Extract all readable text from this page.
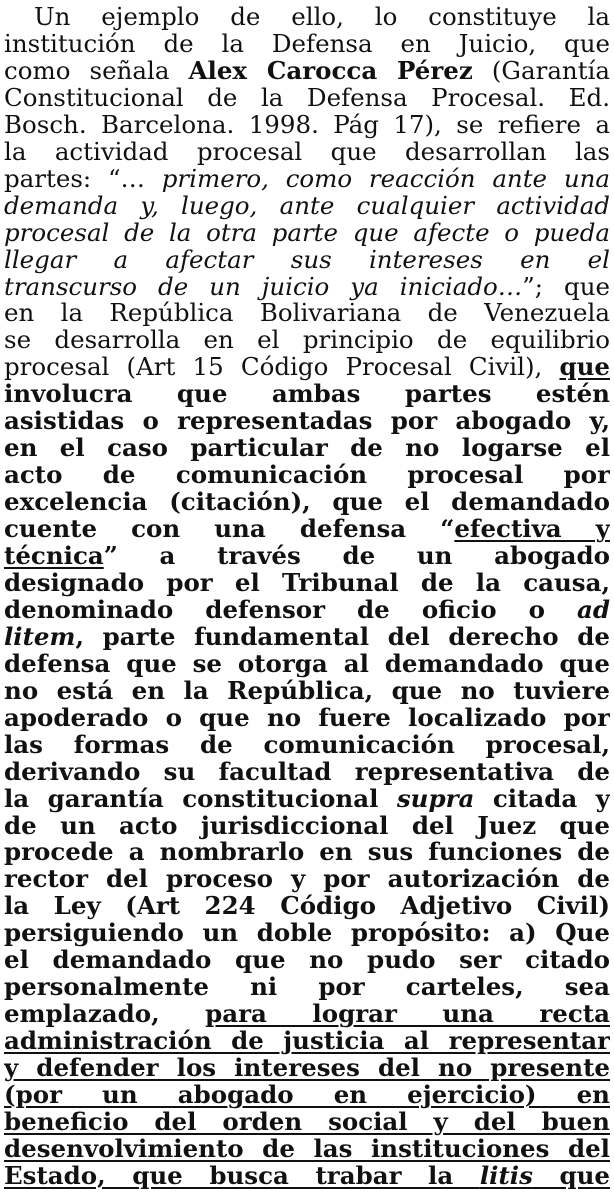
Un ejemplo de ello, lo constituye la
institución de la Defensa en Juicio, que
como señala Alex Carocca Pérez (Garantía
Constitucional de la Defensa Procesal. Ed.
Bosch. Barcelona. 1998. Pág 17), se refiere a
la actividad procesal que desarrollan las
partes: “… primero, como reacción ante una
demanda y, luego, ante cualquier actividad
procesal de la otra parte que afecte o pueda
llegar a afectar sus intereses en el
transcurso de un juicio ya iniciado…”; que
en la República Bolivariana de Venezuela
se desarrolla en el principio de equilibrio
procesal (Art 15 Código Procesal Civil), que
involucra que ambas partes estén
asistidas o representadas por abogado y,
en el caso particular de no logarse el
acto de comunicación procesal por
excelencia (citación), que el demandado
cuente con una defensa “efectiva y
técnica” a través de un abogado
designado por el Tribunal de la causa,
denominado defensor de oficio o ad
litem, parte fundamental del derecho de
defensa que se otorga al demandado que
no está en la República, que no tuviere
apoderado o que no fuere localizado por
las formas de comunicación procesal,
derivando su facultad representativa de
la garantía constitucional supra citada y
de un acto jurisdiccional del Juez que
procede a nombrarlo en sus funciones de
rector del proceso y por autorización de
la Ley (Art 224 Código Adjetivo Civil)
persiguiendo un doble propósito: a) Que
el demandado que no pudo ser citado
personalmente ni por carteles, sea
emplazado, para lograr una recta
administración de justicia al representar
y defender los intereses del no presente
(por un abogado en ejercicio) en
beneficio del orden social y del buen
desenvolvimiento de las instituciones del
Estado, que busca trabar la litis que
